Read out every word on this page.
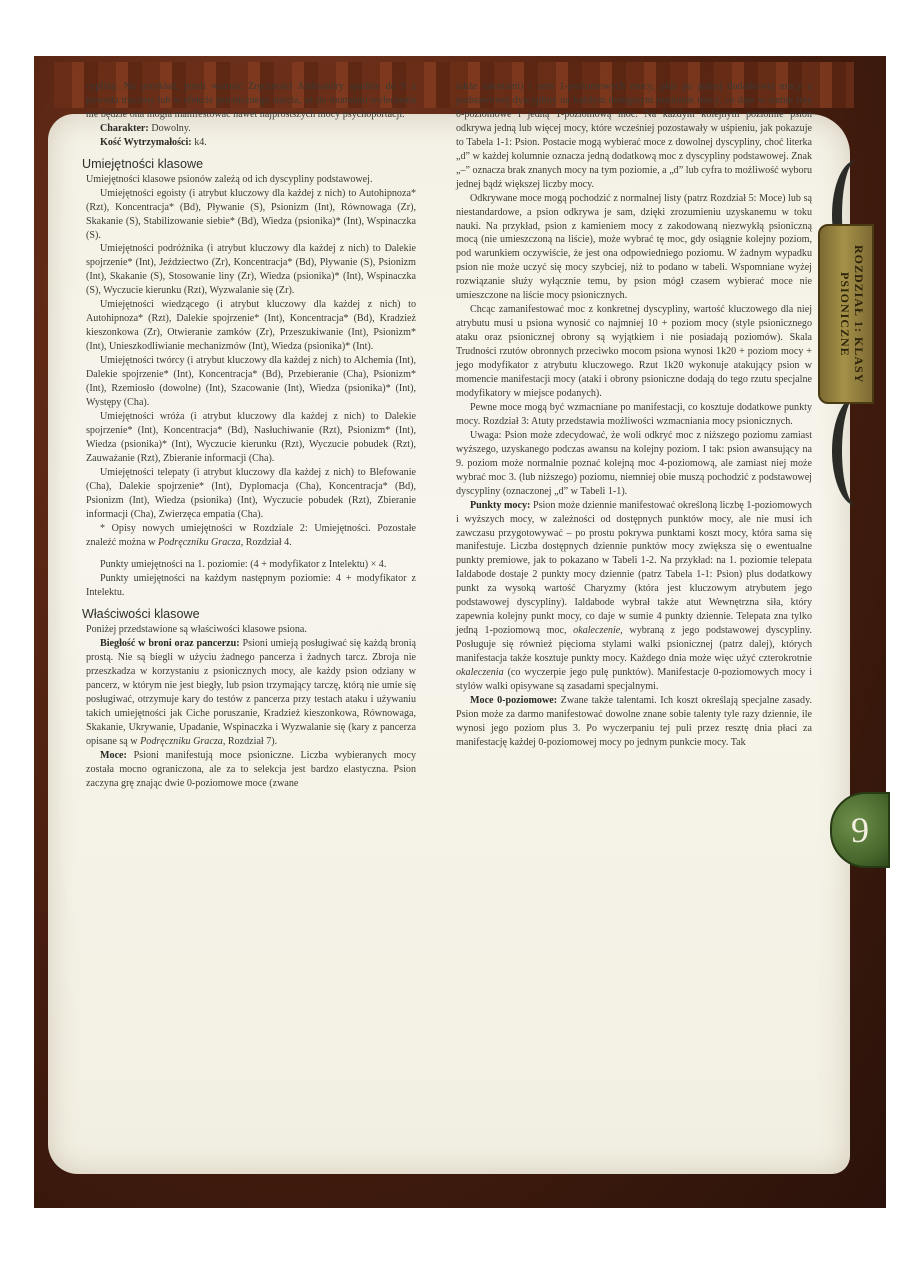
ROZDZIAŁ 1: KLASY PSIONICZNE
9

cypliny. Na przykład, jeżeli wartość Zręczności Aleksandry spadnie do 9 z powodu trucizny lub w efekcie psionicznego starcia, aż do momentu wyleczenia nie będzie ona mogła manifestować nawet najprostszych mocy psychoportacji.

Charakter: Dowolny.

Kość Wytrzymałości: k4.

Umiejętności klasowe

Umiejętności klasowe psionów zależą od ich dyscypliny podstawowej.

Umiejętności egoisty (i atrybut kluczowy dla każdej z nich) to Autohipnoza* (Rzt), Koncentracja* (Bd), Pływanie (S), Psionizm (Int), Równowaga (Zr), Skakanie (S), Stabilizowanie siebie* (Bd), Wiedza (psionika)* (Int), Wspinaczka (S).

Umiejętności podróżnika (i atrybut kluczowy dla każdej z nich) to Dalekie spojrzenie* (Int), Jeździectwo (Zr), Koncentracja* (Bd), Pływanie (S), Psionizm (Int), Skakanie (S), Stosowanie liny (Zr), Wiedza (psionika)* (Int), Wspinaczka (S), Wyczucie kierunku (Rzt), Wyzwalanie się (Zr).

Umiejętności wiedzącego (i atrybut kluczowy dla każdej z nich) to Autohipnoza* (Rzt), Dalekie spojrzenie* (Int), Koncentracja* (Bd), Kradzież kieszonkowa (Zr), Otwieranie zamków (Zr), Przeszukiwanie (Int), Psionizm* (Int), Unieszkodliwianie mechanizmów (Int), Wiedza (psionika)* (Int).

Umiejętności twórcy (i atrybut kluczowy dla każdej z nich) to Alchemia (Int), Dalekie spojrzenie* (Int), Koncentracja* (Bd), Przebieranie (Cha), Psionizm* (Int), Rzemiosło (dowolne) (Int), Szacowanie (Int), Wiedza (psionika)* (Int), Występy (Cha).

Umiejętności wróża (i atrybut kluczowy dla każdej z nich) to Dalekie spojrzenie* (Int), Koncentracja* (Bd), Nasłuchiwanie (Rzt), Psionizm* (Int), Wiedza (psionika)* (Int), Wyczucie kierunku (Rzt), Wyczucie pobudek (Rzt), Zauważanie (Rzt), Zbieranie informacji (Cha).

Umiejętności telepaty (i atrybut kluczowy dla każdej z nich) to Blefowanie (Cha), Dalekie spojrzenie* (Int), Dyplomacja (Cha), Koncentracja* (Bd), Psionizm (Int), Wiedza (psionika) (Int), Wyczucie pobudek (Rzt), Zbieranie informacji (Cha), Zwierzęca empatia (Cha).

* Opisy nowych umiejętności w Rozdziale 2: Umiejętności. Pozostałe znaleźć można w Podręczniku Gracza, Rozdział 4.

Punkty umiejętności na 1. poziomie: (4 + modyfikator z Intelektu) × 4.

Punkty umiejętności na każdym następnym poziomie: 4 + modyfikator z Intelektu.

Właściwości klasowe

Poniżej przedstawione są właściwości klasowe psiona.

Biegłość w broni oraz pancerzu: Psioni umieją posługiwać się każdą bronią prostą. Nie są biegli w użyciu żadnego pancerza i żadnych tarcz. Zbroja nie przeszkadza w korzystaniu z psionicznych mocy, ale każdy psion odziany w pancerz, w którym nie jest biegły, lub psion trzymający tarczę, którą nie umie się posługiwać, otrzymuje kary do testów z pancerza przy testach ataku i używaniu takich umiejętności jak Ciche poruszanie, Kradzież kieszonkowa, Równowaga, Skakanie, Ukrywanie, Upadanie, Wspinaczka i Wyzwalanie się (kary z pancerza opisane są w Podręczniku Gracza, Rozdział 7).

Moce: Psioni manifestują moce psioniczne. Liczba wybieranych mocy została mocno ograniczona, ale za to selekcja jest bardzo elastyczna. Psion zaczyna grę znając dwie 0-poziomowe moce (zwane

także talentami) i zero 1-poziomowych mocy, plus po jednej dodatkowej mocy z podstawowej dyscypliny na każdym dostępnym poziomie mocy, co daje w sumie trzy 0-poziomowe i jedną 1-poziomową moc. Na każdym kolejnym poziomie psion odkrywa jedną lub więcej mocy, które wcześniej pozostawały w uśpieniu, jak pokazuje to Tabela 1-1: Psion. Postacie mogą wybierać moce z dowolnej dyscypliny, choć literka „d” w każdej kolumnie oznacza jedną dodatkową moc z dyscypliny podstawowej. Znak „–” oznacza brak znanych mocy na tym poziomie, a „d” lub cyfra to możliwość wyboru jednej bądź większej liczby mocy.

Odkrywane moce mogą pochodzić z normalnej listy (patrz Rozdział 5: Moce) lub są niestandardowe, a psion odkrywa je sam, dzięki zrozumieniu uzyskanemu w toku nauki. Na przykład, psion z kamieniem mocy z zakodowaną niezwykłą psioniczną mocą (nie umieszczoną na liście), może wybrać tę moc, gdy osiągnie kolejny poziom, pod warunkiem oczywiście, że jest ona odpowiedniego poziomu. W żadnym wypadku psion nie może uczyć się mocy szybciej, niż to podano w tabeli. Wspomniane wyżej rozwiązanie służy wyłącznie temu, by psion mógł czasem wybierać moce nie umieszczone na liście mocy psionicznych.

Chcąc zamanifestować moc z konkretnej dyscypliny, wartość kluczowego dla niej atrybutu musi u psiona wynosić co najmniej 10 + poziom mocy (style psionicznego ataku oraz psionicznej obrony są wyjątkiem i nie posiadają poziomów). Skala Trudności rzutów obronnych przeciwko mocom psiona wynosi 1k20 + poziom mocy + jego modyfikator z atrybutu kluczowego. Rzut 1k20 wykonuje atakujący psion w momencie manifestacji mocy (ataki i obrony psioniczne dodają do tego rzutu specjalne modyfikatory w miejsce podanych).

Pewne moce mogą być wzmacniane po manifestacji, co kosztuje dodatkowe punkty mocy. Rozdział 3: Atuty przedstawia możliwości wzmacniania mocy psionicznych.

Uwaga: Psion może zdecydować, że woli odkryć moc z niższego poziomu zamiast wyższego, uzyskanego podczas awansu na kolejny poziom. I tak: psion awansujący na 9. poziom może normalnie poznać kolejną moc 4-poziomową, ale zamiast niej może wybrać moc 3. (lub niższego) poziomu, niemniej obie muszą pochodzić z podstawowej dyscypliny (oznaczonej „d” w Tabeli 1-1).

Punkty mocy: Psion może dziennie manifestować określoną liczbę 1-poziomowych i wyższych mocy, w zależności od dostępnych punktów mocy, ale nie musi ich zawczasu przygotowywać – po prostu pokrywa punktami koszt mocy, która sama się manifestuje. Liczba dostępnych dziennie punktów mocy zwiększa się o ewentualne punkty premiowe, jak to pokazano w Tabeli 1-2. Na przykład: na 1. poziomie telepata Ialdabode dostaje 2 punkty mocy dziennie (patrz Tabela 1-1: Psion) plus dodatkowy punkt za wysoką wartość Charyzmy (która jest kluczowym atrybutem jego podstawowej dyscypliny). Ialdabode wybrał także atut Wewnętrzna siła, który zapewnia kolejny punkt mocy, co daje w sumie 4 punkty dziennie. Telepata zna tylko jedną 1-poziomową moc, okaleczenie, wybraną z jego podstawowej dyscypliny. Posługuje się również pięcioma stylami walki psionicznej (patrz dalej), których manifestacja także kosztuje punkty mocy. Każdego dnia może więc użyć czterokrotnie okaleczenia (co wyczerpie jego pulę punktów). Manifestacje 0-poziomowych mocy i stylów walki opisywane są zasadami specjalnymi.

Moce 0-poziomowe: Zwane także talentami. Ich koszt określają specjalne zasady. Psion może za darmo manifestować dowolne znane sobie talenty tyle razy dziennie, ile wynosi jego poziom plus 3. Po wyczerpaniu tej puli przez resztę dnia płaci za manifestację każdej 0-poziomowej mocy po jednym punkcie mocy. Tak
